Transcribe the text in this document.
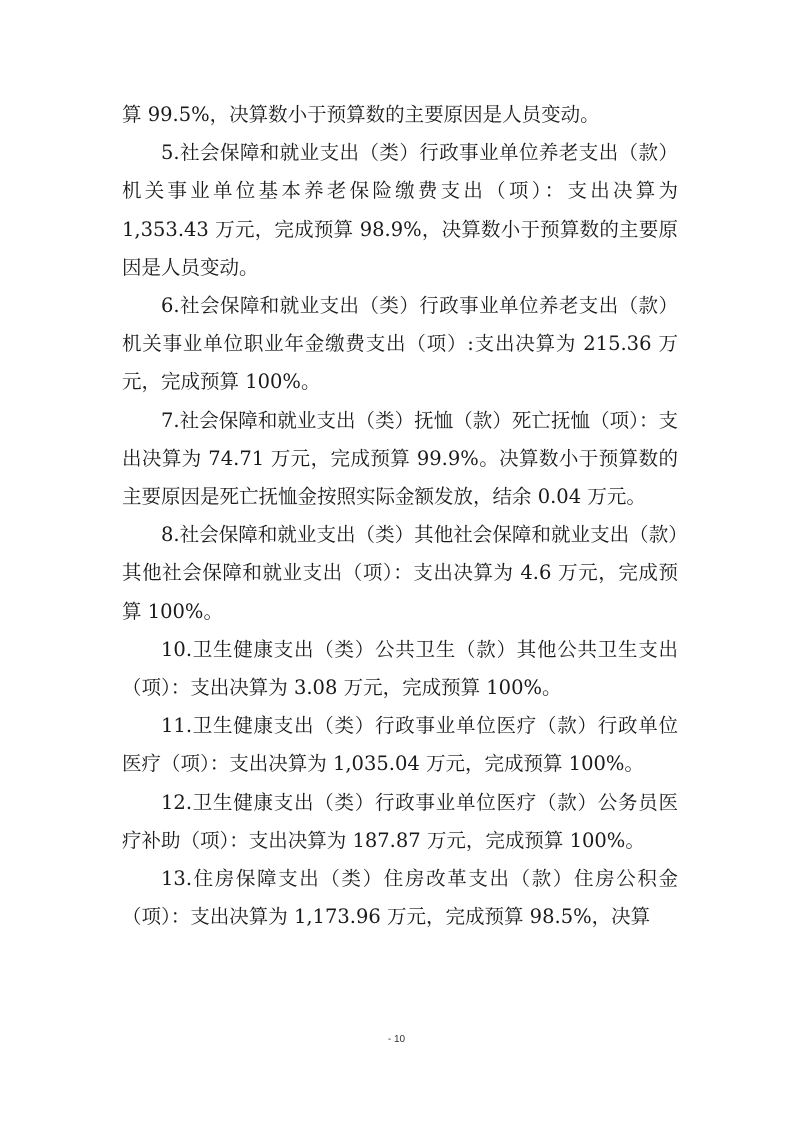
算 99.5%，决算数小于预算数的主要原因是人员变动。

5.社会保障和就业支出（类）行政事业单位养老支出（款）机关事业单位基本养老保险缴费支出（项）：支出决算为 1,353.43 万元，完成预算 98.9%，决算数小于预算数的主要原因是人员变动。

6.社会保障和就业支出（类）行政事业单位养老支出（款）机关事业单位职业年金缴费支出（项）:支出决算为 215.36 万元，完成预算 100%。

7.社会保障和就业支出（类）抚恤（款）死亡抚恤（项）：支出决算为 74.71 万元，完成预算 99.9%。决算数小于预算数的主要原因是死亡抚恤金按照实际金额发放，结余 0.04 万元。

8.社会保障和就业支出（类）其他社会保障和就业支出（款）其他社会保障和就业支出（项）：支出决算为 4.6 万元，完成预算 100%。

10.卫生健康支出（类）公共卫生（款）其他公共卫生支出（项）：支出决算为 3.08 万元，完成预算 100%。

11.卫生健康支出（类）行政事业单位医疗（款）行政单位医疗（项）：支出决算为 1,035.04 万元，完成预算 100%。

12.卫生健康支出（类）行政事业单位医疗（款）公务员医疗补助（项）：支出决算为 187.87 万元，完成预算 100%。

13.住房保障支出（类）住房改革支出（款）住房公积金（项）：支出决算为 1,173.96 万元，完成预算 98.5%，决算

- 10
